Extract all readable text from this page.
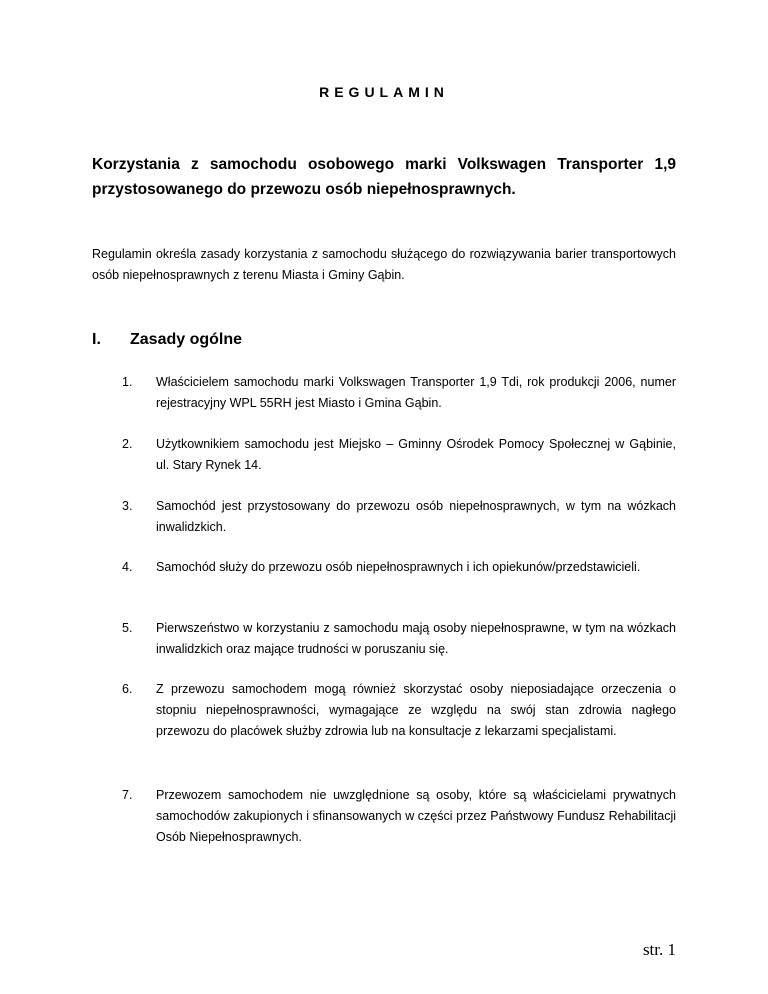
REGULAMIN

Korzystania z samochodu osobowego marki Volkswagen Transporter 1,9 przystosowanego do przewozu osób niepełnosprawnych.

Regulamin określa zasady korzystania z samochodu służącego do rozwiązywania barier transportowych osób niepełnosprawnych z terenu Miasta i Gminy Gąbin.

I. Zasady ogólne
1.	Właścicielem samochodu marki Volkswagen Transporter 1,9 Tdi, rok produkcji 2006, numer rejestracyjny WPL 55RH jest Miasto i Gmina Gąbin.
2.	Użytkownikiem samochodu jest Miejsko – Gminny Ośrodek Pomocy Społecznej w Gąbinie, ul. Stary Rynek 14.
3.	Samochód jest przystosowany do przewozu osób niepełnosprawnych, w tym na wózkach inwalidzkich.
4.	Samochód służy do przewozu osób niepełnosprawnych i ich opiekunów/przedstawicieli.
5.	Pierwszeństwo w korzystaniu z samochodu mają osoby niepełnosprawne, w tym na wózkach inwalidzkich oraz mające trudności w poruszaniu się.
6.	Z przewozu samochodem mogą również skorzystać osoby nieposiadające orzeczenia o stopniu niepełnosprawności, wymagające ze względu na swój stan zdrowia nagłego przewozu do placówek służby zdrowia lub na konsultacje z lekarzami specjalistami.
7.	Przewozem samochodem nie uwzględnione są osoby, które są właścicielami prywatnych samochodów zakupionych i sfinansowanych w części przez Państwowy Fundusz Rehabilitacji Osób Niepełnosprawnych.

str. 1
